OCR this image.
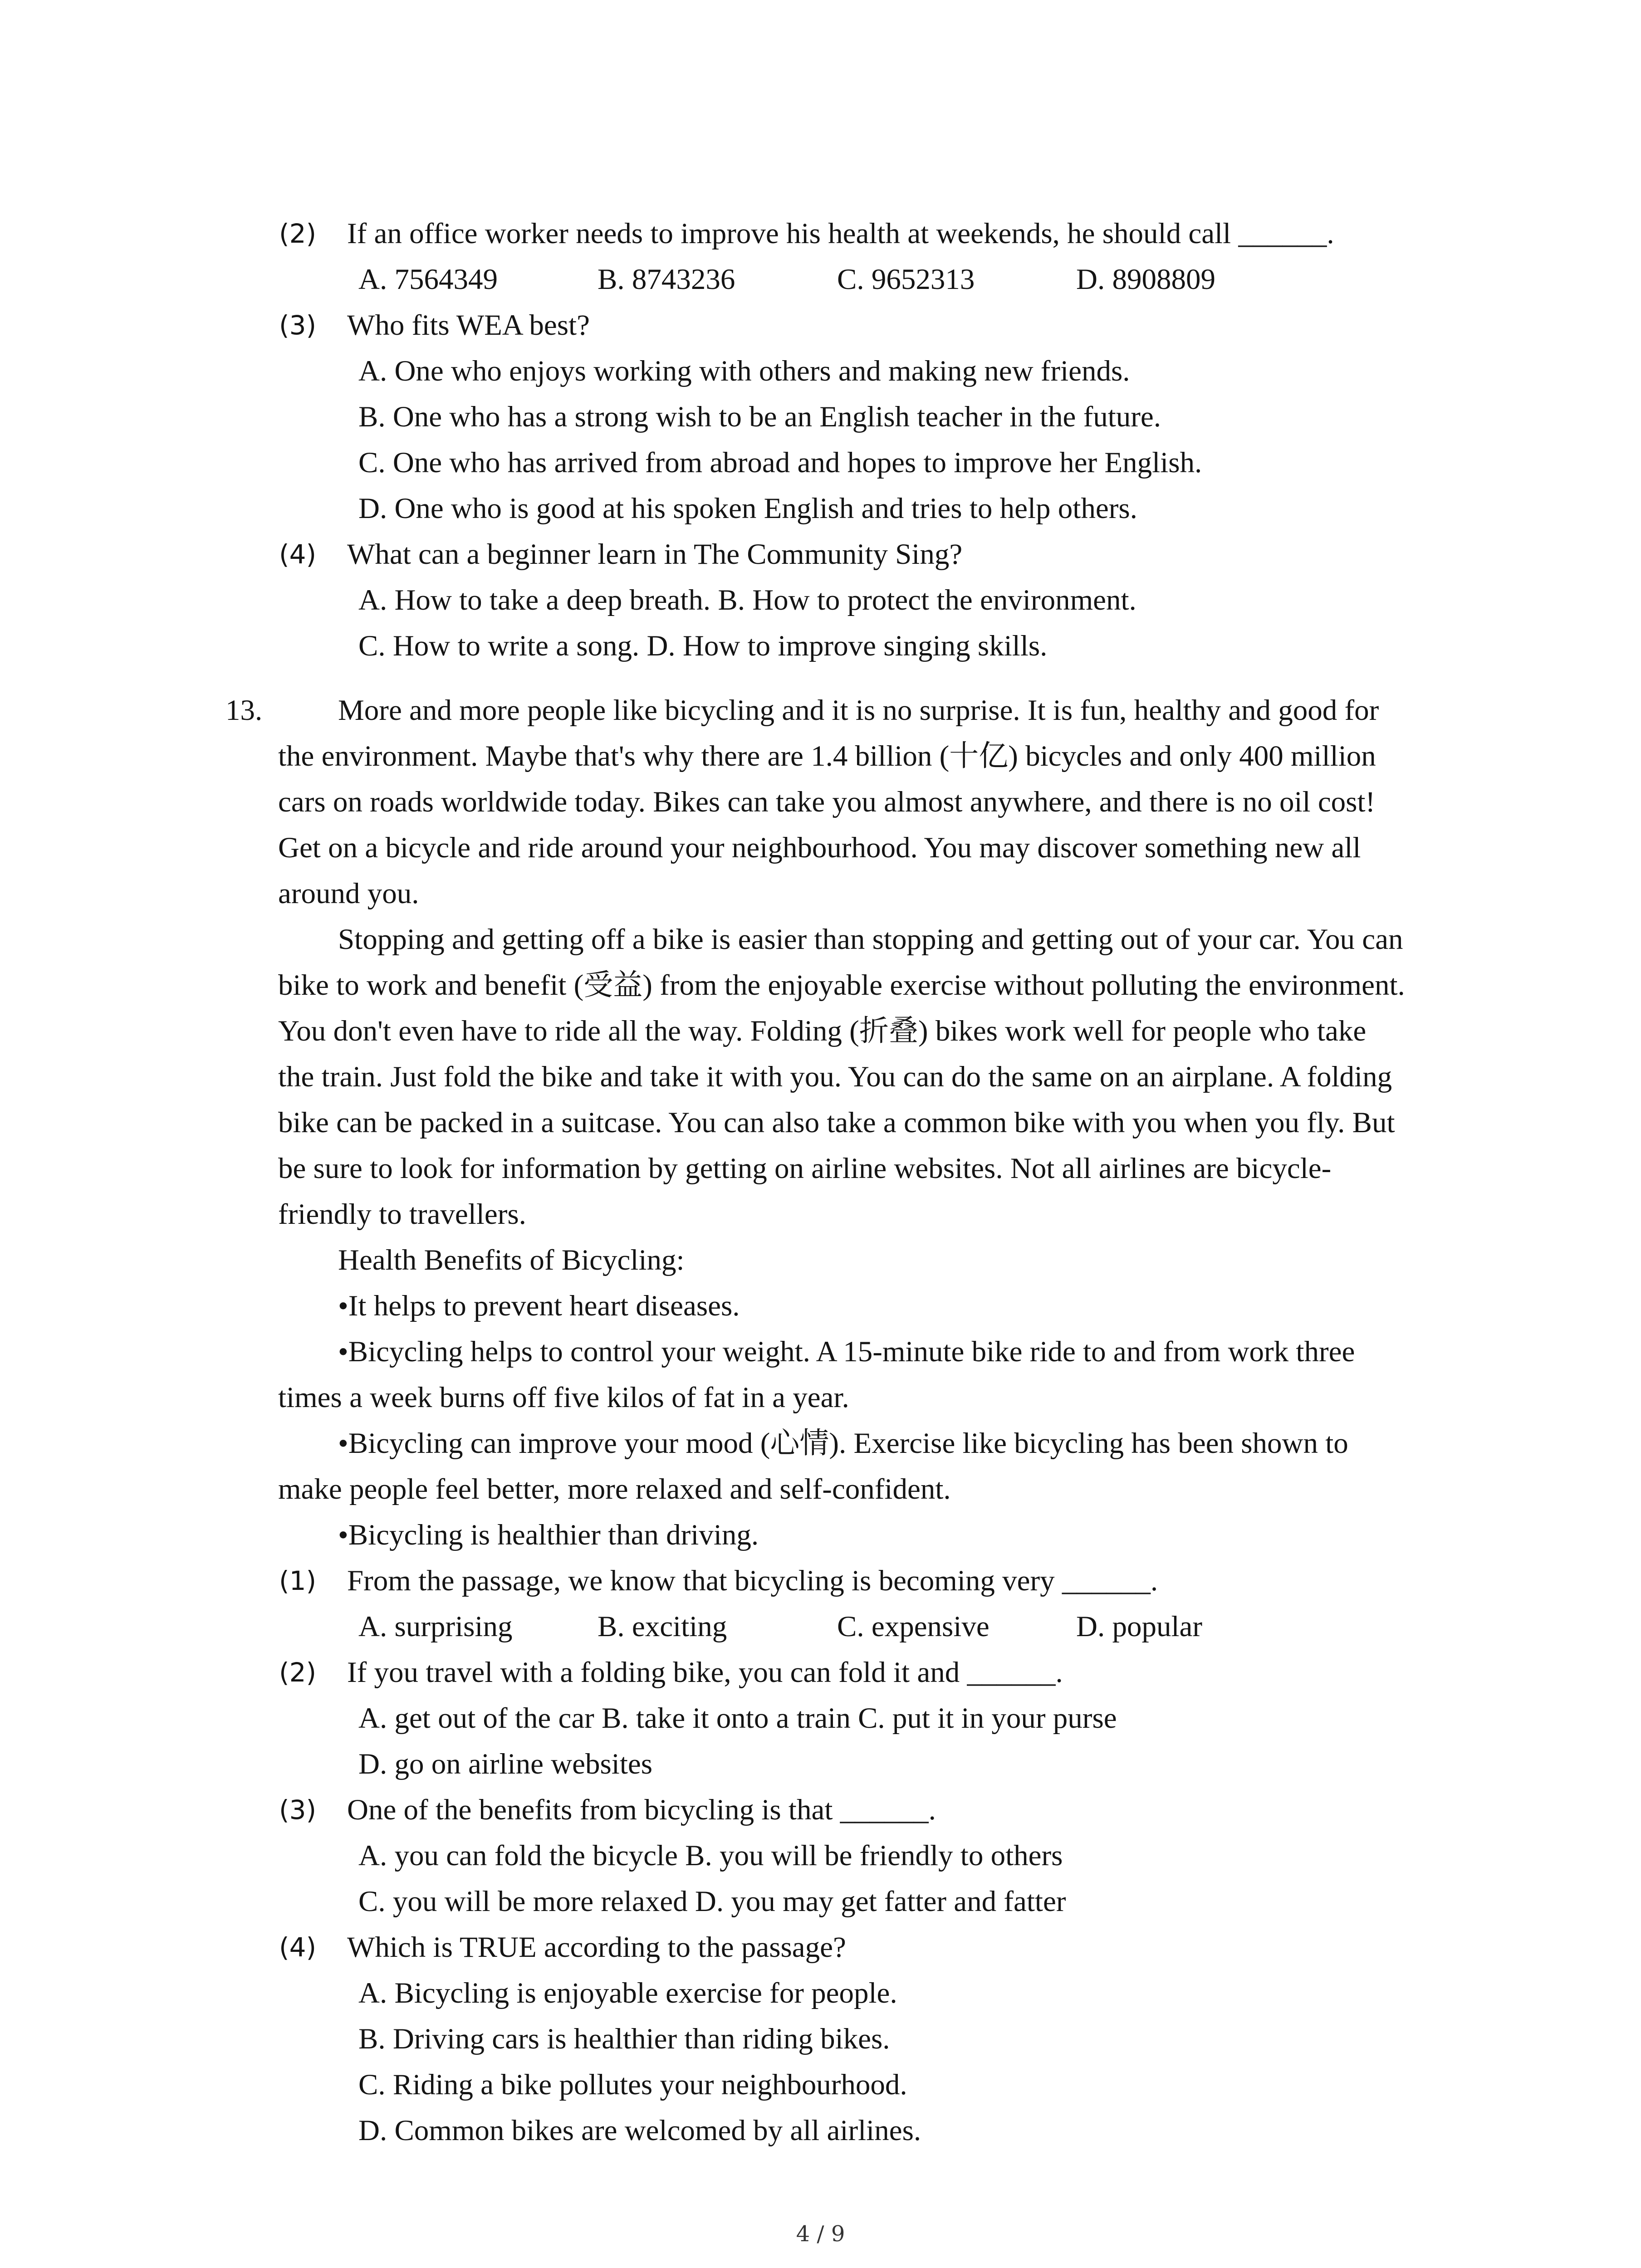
If an office worker needs to improve his health at weekends, he should call ______.
A. 7564349	B. 8743236	C. 9652313	D. 8908809
Who fits WEA best?
A. One who enjoys working with others and making new friends.
B. One who has a strong wish to be an English teacher in the future.
C. One who has arrived from abroad and hopes to improve her English.
D. One who is good at his spoken English and tries to help others.
What can a beginner learn in The Community Sing?
A. How to take a deep breath. B. How to protect the environment.
C. How to write a song. D. How to improve singing skills.
More and more people like bicycling and it is no surprise. It is fun, healthy and good for
the environment. Maybe that's why there are 1.4 billion (十亿) bicycles and only 400 million
cars on roads worldwide today. Bikes can take you almost anywhere, and there is no oil cost!
Get on a bicycle and ride around your neighbourhood. You may discover something new all
around you.
Stopping and getting off a bike is easier than stopping and getting out of your car. You can
bike to work and benefit (受益) from the enjoyable exercise without polluting the environment.
You don't even have to ride all the way. Folding (折叠) bikes work well for people who take
the train. Just fold the bike and take it with you. You can do the same on an airplane. A folding
bike can be packed in a suitcase. You can also take a common bike with you when you fly. But
be sure to look for information by getting on airline websites. Not all airlines are bicycle-
friendly to travellers.
Health Benefits of Bicycling:
•It helps to prevent heart diseases.
•Bicycling helps to control your weight. A 15-minute bike ride to and from work three
times a week burns off five kilos of fat in a year.
•Bicycling can improve your mood (心情). Exercise like bicycling has been shown to
make people feel better, more relaxed and self-confident.
•Bicycling is healthier than driving.
From the passage, we know that bicycling is becoming very ______.
A. surprising	B. exciting	C. expensive	D. popular
If you travel with a folding bike, you can fold it and ______.
A. get out of the car B. take it onto a train C. put it in your purse
D. go on airline websites
One of the benefits from bicycling is that ______.
A. you can fold the bicycle B. you will be friendly to others
C. you will be more relaxed D. you may get fatter and fatter
Which is TRUE according to the passage?
A. Bicycling is enjoyable exercise for people.
B. Driving cars is healthier than riding bikes.
C. Riding a bike pollutes your neighbourhood.
D. Common bikes are welcomed by all airlines.
(2)
(3)
(4)
(1)
(2)
(3)
(4)
13.
4 / 9
